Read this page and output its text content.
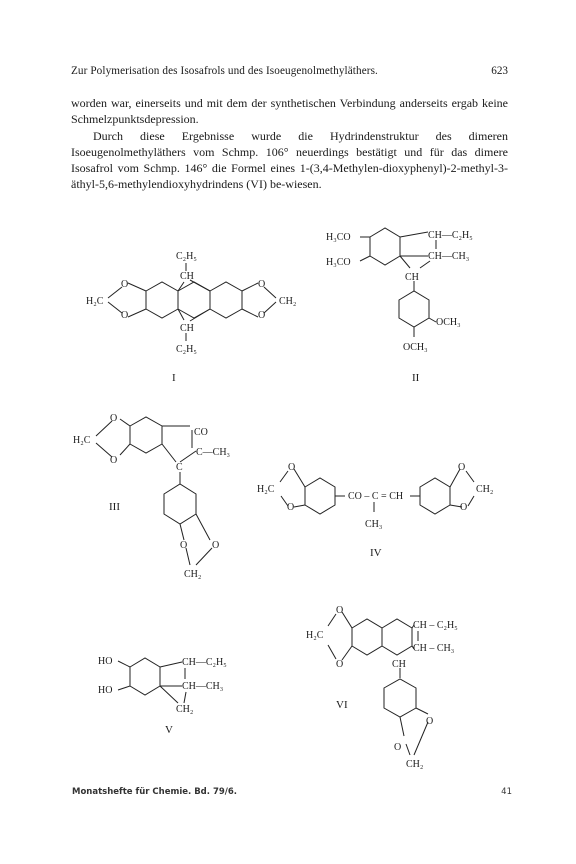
Zur Polymerisation des Isosafrols und des Isoeugenolmethyläthers.	623

worden war, einerseits und mit dem der synthetischen Verbindung anderseits ergab keine Schmelzpunktsdepression.

Durch diese Ergebnisse wurde die Hydrindenstruktur des dimeren Isoeugenolmethyläthers vom Schmp. 106° neuerdings bestätigt und für das dimere Isosafrol vom Schmp. 146° die Formel eines 1-(3,4-Methylen-dioxyphenyl)-2-methyl-3-äthyl-5,6-methylendioxyhydrindens (VI) be-wiesen.

C₂H₅
CH
CH
C₂H₅
O
O
O
O
H₂C	CH₂
I
H₃CO
H₃CO
CH—C₂H₅
CH—CH₃
CH
OCH₃
OCH₃
II
O
O
H₂C
CO
C—CH₃
C
O O
CH₂
III
O
O
H₂C
CO – C = CH
CH₃
O
O
CH₂
IV
HO
HO
CH—C₂H₅
CH—CH₃
CH₂
V
O
O
H₂C
CH – C₂H₅
CH – CH₃
CH
VI
O
O
CH₂
Monatshefte für Chemie. Bd. 79/6.	41
